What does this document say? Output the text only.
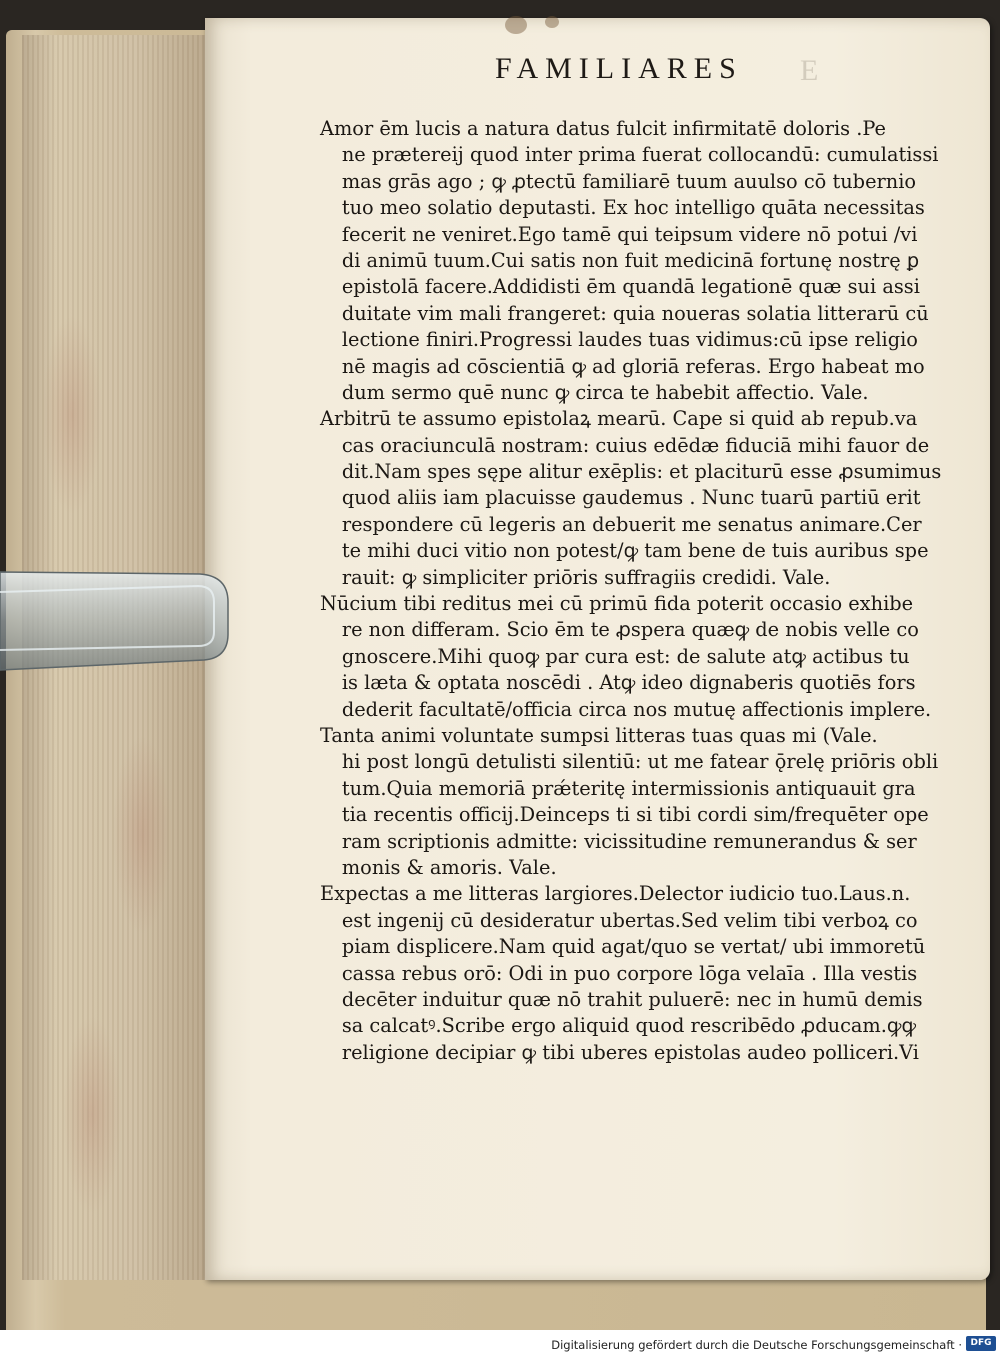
FAMILIARES	E
Amor ēm lucis a natura datus fulcit infirmitatē doloris .Pe
ne prætereij quod inter prima fuerat collocandū: cumulatissi
mas grās ago ; ꝙ ꝓtectū familiarē tuum auulso cō tubernio
tuo meo solatio deputasti. Ex hoc intelligo quāta necessitas
fecerit ne veniret.Ego tamē qui teipsum videre nō potui /vi
di animū tuum.Cui satis non fuit medicinā fortunę nostrę ꝑ
epistolā facere.Addidisti ēm quandā legationē quæ sui assi
duitate vim mali frangeret: quia noueras solatia litterarū cū
lectione finiri.Progressi laudes tuas vidimus:cū ipse religio
nē magis ad cōscientiā ꝙ ad gloriā referas. Ergo habeat mo
dum sermo quē nunc ꝙ circa te habebit affectio. Vale.
Arbitrū te assumo epistolaꝝ mearū. Cape si quid ab repub.va
cas oraciunculā nostram: cuius edēdæ fiduciā mihi fauor de
dit.Nam spes sępe alitur exēplis: et placiturū esse ꝓsumimus
quod aliis iam placuisse gaudemus . Nunc tuarū partiū erit
respondere cū legeris an debuerit me senatus animare.Cer
te mihi duci vitio non potest/ꝙ tam bene de tuis auribus spe
rauit: ꝙ simpliciter priōris suffragiis credidi. Vale.
Nūcium tibi reditus mei cū primū fida poterit occasio exhibe
re non differam. Scio ēm te ꝓspera quæꝙ de nobis velle co
gnoscere.Mihi quoꝙ par cura est: de salute atꝙ actibus tu
is læta & optata noscēdi . Atꝙ ideo dignaberis quotiēs fors
dederit facultatē/officia circa nos mutuę affectionis implere.
Tanta animi voluntate sumpsi litteras tuas quas mi (Vale.
hi post longū detulisti silentiū: ut me fatear ǭrelę priōris obli
tum.Quia memoriā prǽteritę intermissionis antiquauit gra
tia recentis officij.Deinceps ti si tibi cordi sim/frequēter ope
ram scriptionis admitte: vicissitudine remunerandus & ser
monis & amoris. Vale.
Expectas a me litteras largiores.Delector iudicio tuo.Laus.n.
est ingenij cū desideratur ubertas.Sed velim tibi verboꝝ co
piam displicere.Nam quid agat/quo se vertat/ ubi immoretū
cassa rebus orō: Odi in puo corpore lōga velaīa . Illa vestis
decēter induitur quæ nō trahit puluerē: nec in humū demis
sa calcatꝰ.Scribe ergo aliquid quod rescribēdo ꝓducam.ꝙꝙ
religione decipiar ꝙ tibi uberes epistolas audeo polliceri.Vi
Digitalisierung gefördert durch die Deutsche Forschungsgemeinschaft · DFG
